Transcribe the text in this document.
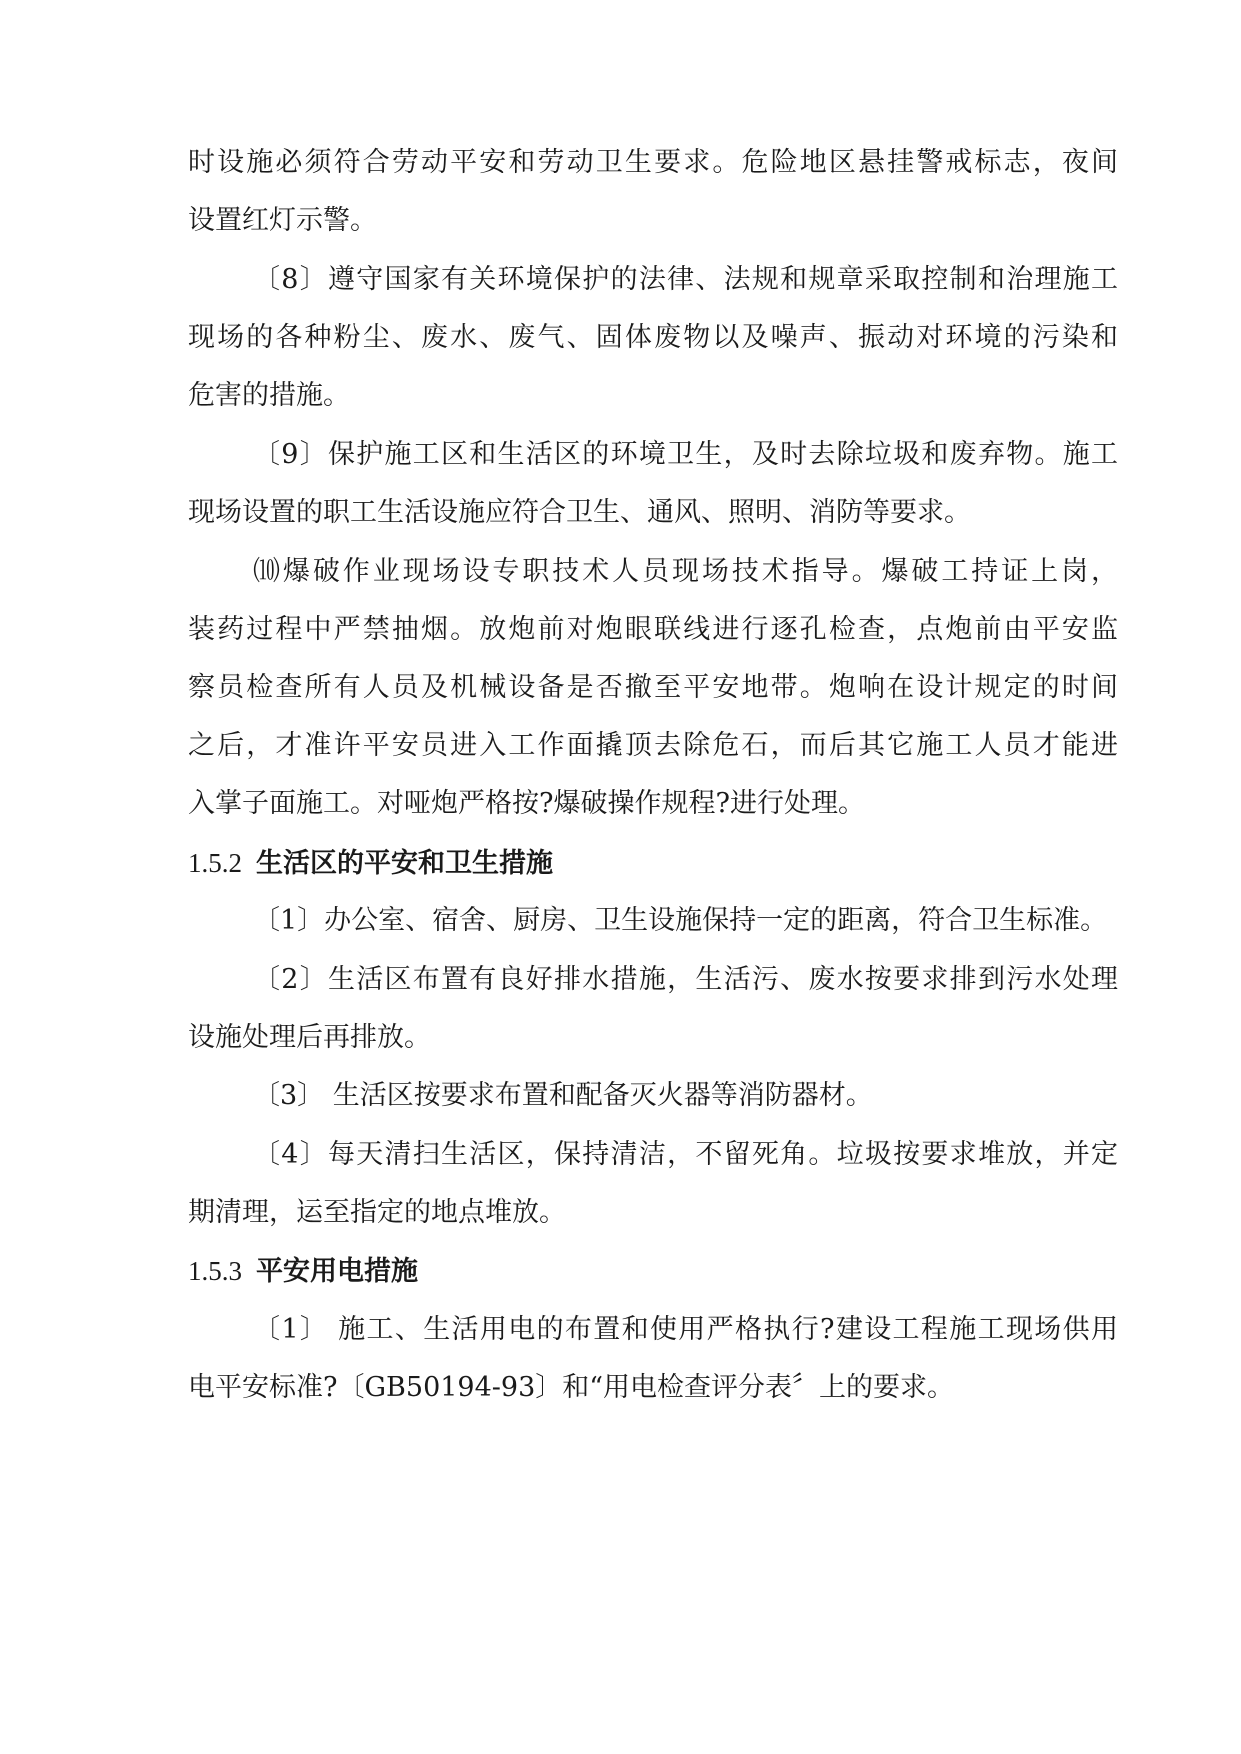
时设施必须符合劳动平安和劳动卫生要求。危险地区悬挂警戒标志，夜间
设置红灯示警。
〔8〕遵守国家有关环境保护的法律、法规和规章采取控制和治理施工
现场的各种粉尘、废水、废气、固体废物以及噪声、振动对环境的污染和
危害的措施。
〔9〕保护施工区和生活区的环境卫生，及时去除垃圾和废弃物。施工
现场设置的职工生活设施应符合卫生、通风、照明、消防等要求。
⑽爆破作业现场设专职技术人员现场技术指导。爆破工持证上岗，
装药过程中严禁抽烟。放炮前对炮眼联线进行逐孔检查，点炮前由平安监
察员检查所有人员及机械设备是否撤至平安地带。炮响在设计规定的时间
之后，才准许平安员进入工作面撬顶去除危石，而后其它施工人员才能进
入掌子面施工。对哑炮严格按?爆破操作规程?进行处理。
1.5.2 生活区的平安和卫生措施
〔1〕办公室、宿舍、厨房、卫生设施保持一定的距离，符合卫生标准。
〔2〕生活区布置有良好排水措施，生活污、废水按要求排到污水处理
设施处理后再排放。
〔3〕 生活区按要求布置和配备灭火器等消防器材。
〔4〕每天清扫生活区，保持清洁，不留死角。垃圾按要求堆放，并定
期清理，运至指定的地点堆放。
1.5.3 平安用电措施
〔1〕 施工、生活用电的布置和使用严格执行?建设工程施工现场供用
电平安标准?〔GB50194-93〕和“用电检查评分表〞上的要求。
